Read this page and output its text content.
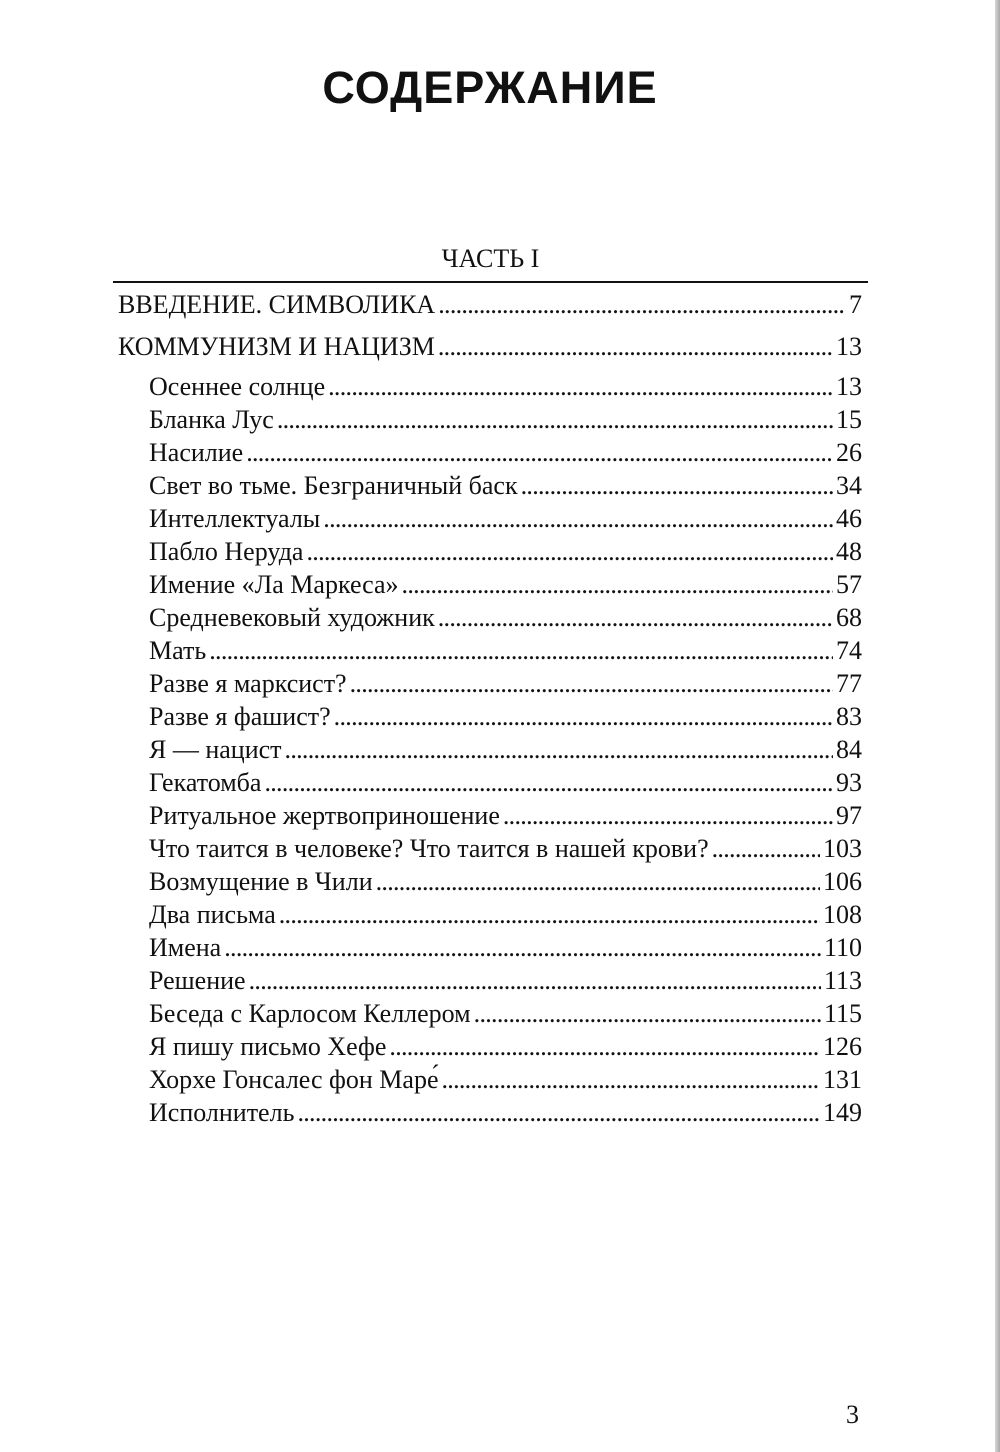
СОДЕРЖАНИЕ
ЧАСТЬ I
ВВЕДЕНИЕ. СИМВОЛИКА . . .	7
КОММУНИЗМ И НАЦИЗМ . . .	13
Осеннее солнце . . .	13
Бланка Лус . . .	15
Насилие . . .	26
Свет во тьме. Безграничный баск . . .	34
Интеллектуалы . . .	46
Пабло Неруда . . .	48
Имение «Ла Маркеса» . . .	57
Средневековый художник . . .	68
Мать . . .	74
Разве я марксист? . . .	77
Разве я фашист? . . .	83
Я — нацист . . .	84
Гекатомба . . .	93
Ритуальное жертвоприношение . . .	97
Что таится в человеке? Что таится в нашей крови? . . .	103
Возмущение в Чили . . .	106
Два письма . . .	108
Имена . . .	110
Решение . . .	113
Беседа с Карлосом Келлером . . .	115
Я пишу письмо Хефе . . .	126
Хорхе Гонсалес фон Маре́ . . .	131
Исполнитель . . .	149
3
